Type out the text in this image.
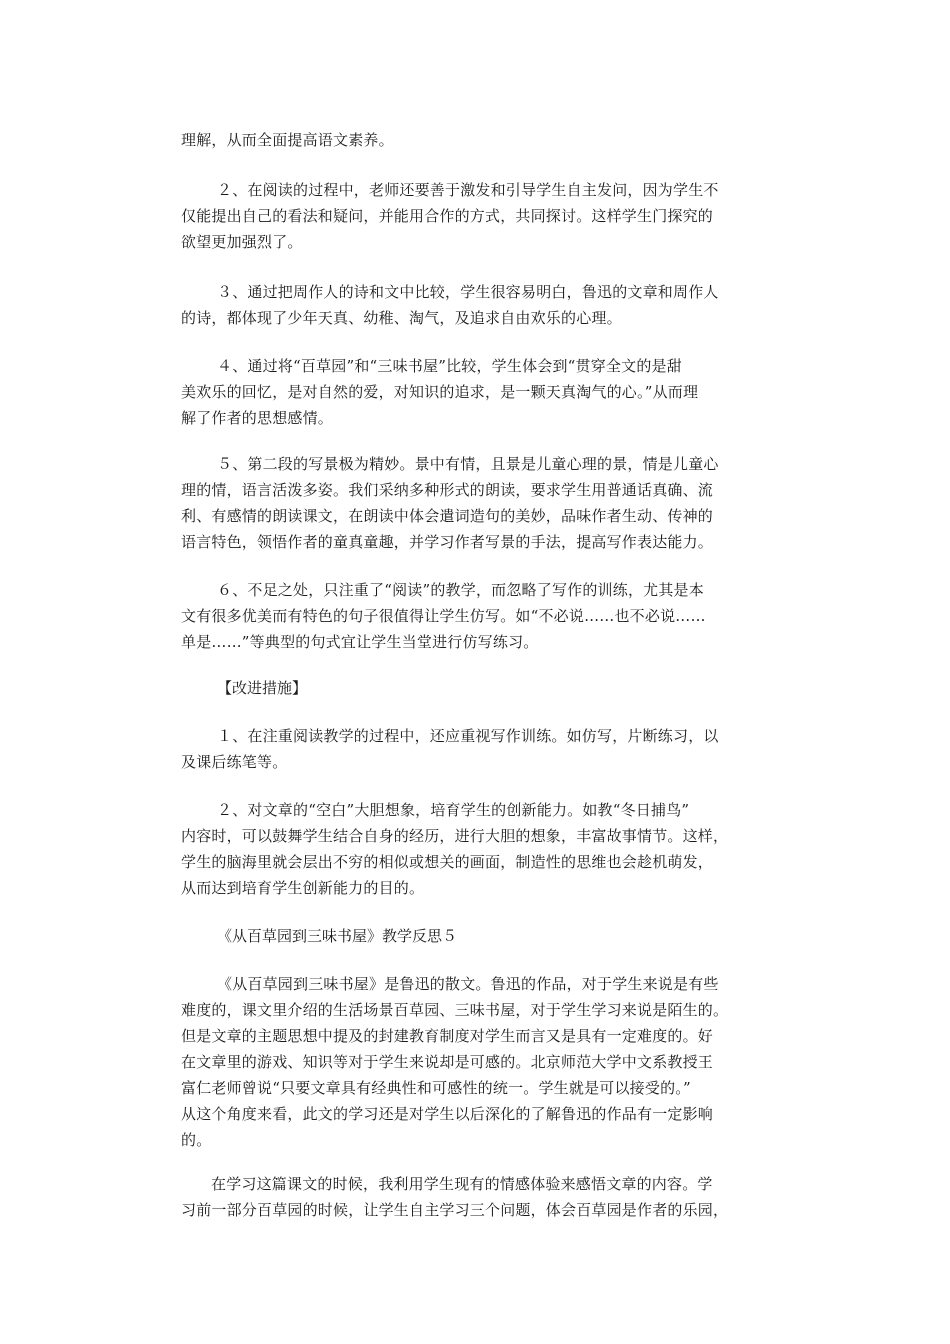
理解，从而全面提高语文素养。
２、在阅读的过程中，老师还要善于激发和引导学生自主发问，因为学生不
仅能提出自己的看法和疑问，并能用合作的方式，共同探讨。这样学生门探究的
欲望更加强烈了。
３、通过把周作人的诗和文中比较，学生很容易明白，鲁迅的文章和周作人
的诗，都体现了少年天真、幼稚、淘气，及追求自由欢乐的心理。
４、通过将“百草园”和“三味书屋”比较，学生体会到“贯穿全文的是甜
美欢乐的回忆，是对自然的爱，对知识的追求，是一颗天真淘气的心。”从而理
解了作者的思想感情。
５、第二段的写景极为精妙。景中有情，且景是儿童心理的景，情是儿童心
理的情，语言活泼多姿。我们采纳多种形式的朗读，要求学生用普通话真确、流
利、有感情的朗读课文，在朗读中体会遣词造句的美妙，品味作者生动、传神的
语言特色，领悟作者的童真童趣，并学习作者写景的手法，提高写作表达能力。
６、不足之处，只注重了“阅读”的教学，而忽略了写作的训练，尤其是本
文有很多优美而有特色的句子很值得让学生仿写。如“不必说……也不必说……
单是……”等典型的句式宜让学生当堂进行仿写练习。
【改进措施】
１、在注重阅读教学的过程中，还应重视写作训练。如仿写，片断练习，以
及课后练笔等。
２、对文章的“空白”大胆想象，培育学生的创新能力。如教“冬日捕鸟”
内容时，可以鼓舞学生结合自身的经历，进行大胆的想象，丰富故事情节。这样，
学生的脑海里就会层出不穷的相似或想关的画面，制造性的思维也会趁机萌发，
从而达到培育学生创新能力的目的。
《从百草园到三味书屋》教学反思５
《从百草园到三味书屋》是鲁迅的散文。鲁迅的作品，对于学生来说是有些
难度的，课文里介绍的生活场景百草园、三味书屋，对于学生学习来说是陌生的。
但是文章的主题思想中提及的封建教育制度对学生而言又是具有一定难度的。好
在文章里的游戏、知识等对于学生来说却是可感的。北京师范大学中文系教授王
富仁老师曾说“只要文章具有经典性和可感性的统一。学生就是可以接受的。”
从这个角度来看，此文的学习还是对学生以后深化的了解鲁迅的作品有一定影响
的。
在学习这篇课文的时候，我利用学生现有的情感体验来感悟文章的内容。学
习前一部分百草园的时候，让学生自主学习三个问题，体会百草园是作者的乐园，
